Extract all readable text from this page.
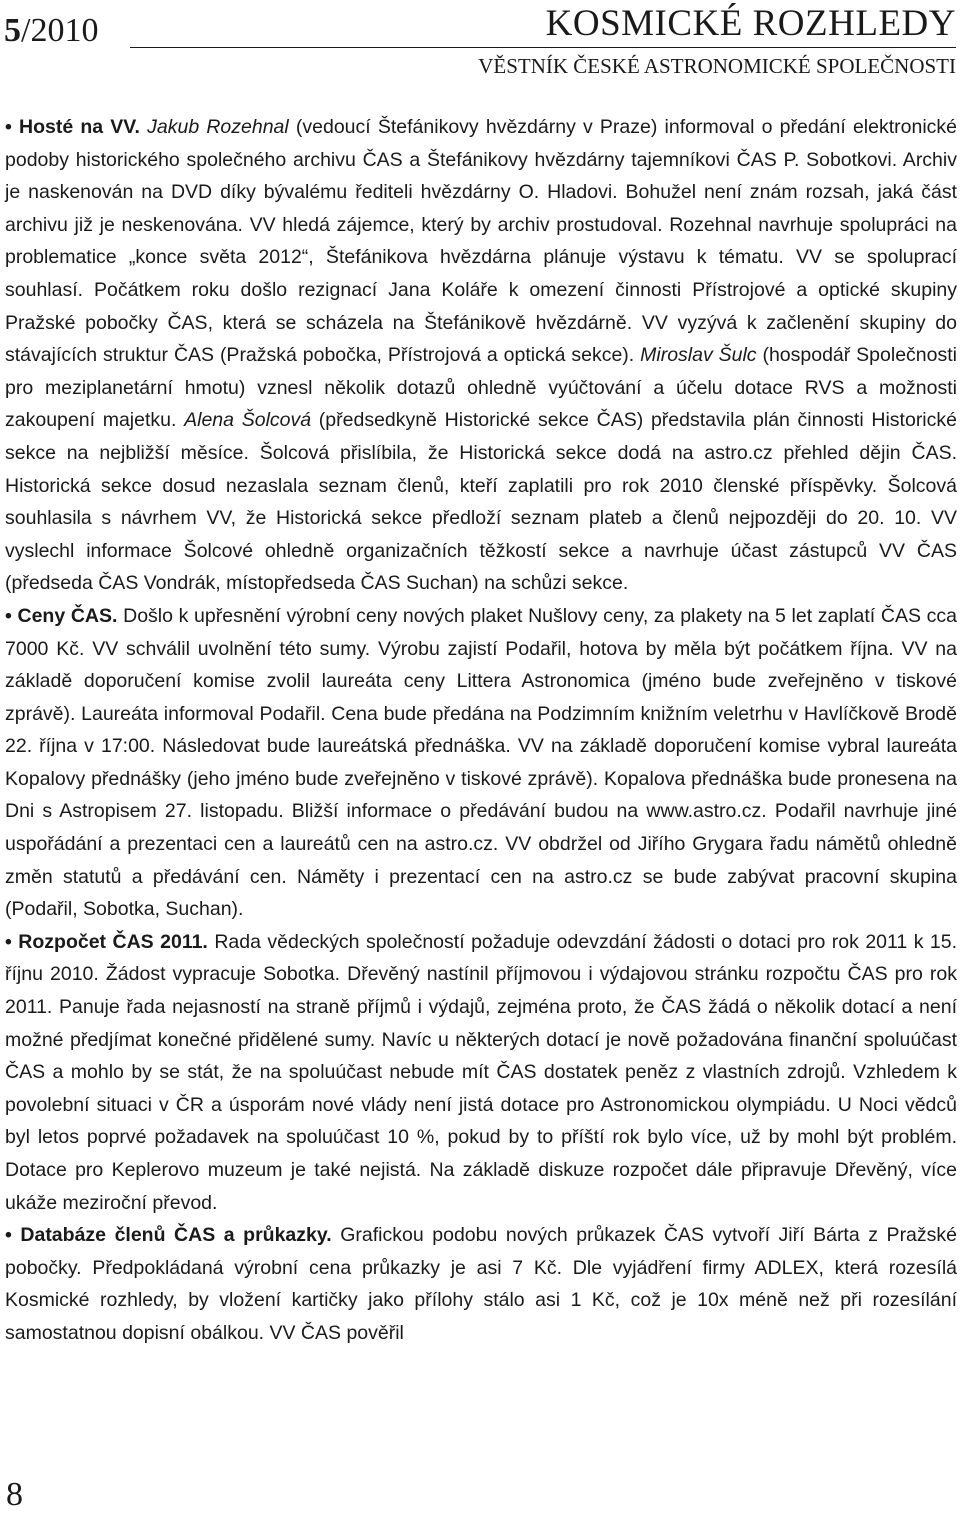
5/2010	KOSMICKÉ ROZHLEDY
VĚSTNÍK ČESKÉ ASTRONOMICKÉ SPOLEČNOSTI

• Hosté na VV. Jakub Rozehnal (vedoucí Štefánikovy hvězdárny v Praze) informoval o předání elektronické podoby historického společného archivu ČAS a Štefánikovy hvězdárny tajemníkovi ČAS P. Sobotkovi. Archiv je naskenován na DVD díky bývalému řediteli hvězdárny O. Hladovi. Bohužel není znám rozsah, jaká část archivu již je neskenována. VV hledá zájemce, který by archiv prostudoval. Rozehnal navrhuje spolupráci na problematice „konce světa 2012“, Štefánikova hvězdárna plánuje výstavu k tématu. VV se spoluprací souhlasí. Počátkem roku došlo rezignací Jana Koláře k omezení činnosti Přístrojové a optické skupiny Pražské pobočky ČAS, která se scházela na Štefánikově hvězdárně. VV vyzývá k začlenění skupiny do stávajících struktur ČAS (Pražská pobočka, Přístrojová a optická sekce). Miroslav Šulc (hospodář Společnosti pro meziplanetární hmotu) vznesl několik dotazů ohledně vyúčtování a účelu dotace RVS a možnosti zakoupení majetku. Alena Šolcová (předsedkyně Historické sekce ČAS) představila plán činnosti Historické sekce na nejbližší měsíce. Šolcová přislíbila, že Historická sekce dodá na astro.cz přehled dějin ČAS. Historická sekce dosud nezaslala seznam členů, kteří zaplatili pro rok 2010 členské příspěvky. Šolcová souhlasila s návrhem VV, že Historická sekce předloží seznam plateb a členů nejpozději do 20. 10. VV vyslechl informace Šolcové ohledně organizačních těžkostí sekce a navrhuje účast zástupců VV ČAS (předseda ČAS Vondrák, místopředseda ČAS Suchan) na schůzi sekce.

• Ceny ČAS. Došlo k upřesnění výrobní ceny nových plaket Nušlovy ceny, za plakety na 5 let zaplatí ČAS cca 7000 Kč. VV schválil uvolnění této sumy. Výrobu zajistí Podařil, hotova by měla být počátkem října. VV na základě doporučení komise zvolil laureáta ceny Littera Astronomica (jméno bude zveřejněno v tiskové zprávě). Laureáta informoval Podařil. Cena bude předána na Podzimním knižním veletrhu v Havlíčkově Brodě 22. října v 17:00. Následovat bude laureátská přednáška. VV na základě doporučení komise vybral laureáta Kopalovy přednášky (jeho jméno bude zveřejněno v tiskové zprávě). Kopalova přednáška bude pronesena na Dni s Astropisem 27. listopadu. Bližší informace o předávání budou na www.astro.cz. Podařil navrhuje jiné uspořádání a prezentaci cen a laureátů cen na astro.cz. VV obdržel od Jiřího Grygara řadu námětů ohledně změn statutů a předávání cen. Náměty i prezentací cen na astro.cz se bude zabývat pracovní skupina (Podařil, Sobotka, Suchan).

• Rozpočet ČAS 2011. Rada vědeckých společností požaduje odevzdání žádosti o dotaci pro rok 2011 k 15. říjnu 2010. Žádost vypracuje Sobotka. Dřevěný nastínil příjmovou i výdajovou stránku rozpočtu ČAS pro rok 2011. Panuje řada nejasností na straně příjmů i výdajů, zejména proto, že ČAS žádá o několik dotací a není možné předjímat konečné přidělené sumy. Navíc u některých dotací je nově požadována finanční spoluúčast ČAS a mohlo by se stát, že na spoluúčast nebude mít ČAS dostatek peněz z vlastních zdrojů. Vzhledem k povolební situaci v ČR a úsporám nové vlády není jistá dotace pro Astronomickou olympiádu. U Noci vědců byl letos poprvé požadavek na spoluúčast 10 %, pokud by to příští rok bylo více, už by mohl být problém. Dotace pro Keplerovo muzeum je také nejistá. Na základě diskuze rozpočet dále připravuje Dřevěný, více ukáže meziroční převod.

• Databáze členů ČAS a průkazky. Grafickou podobu nových průkazek ČAS vytvoří Jiří Bárta z Pražské pobočky. Předpokládaná výrobní cena průkazky je asi 7 Kč. Dle vyjádření firmy ADLEX, která rozesílá Kosmické rozhledy, by vložení kartičky jako přílohy stálo asi 1 Kč, což je 10x méně než při rozesílání samostatnou dopisní obálkou. VV ČAS pověřil

8
